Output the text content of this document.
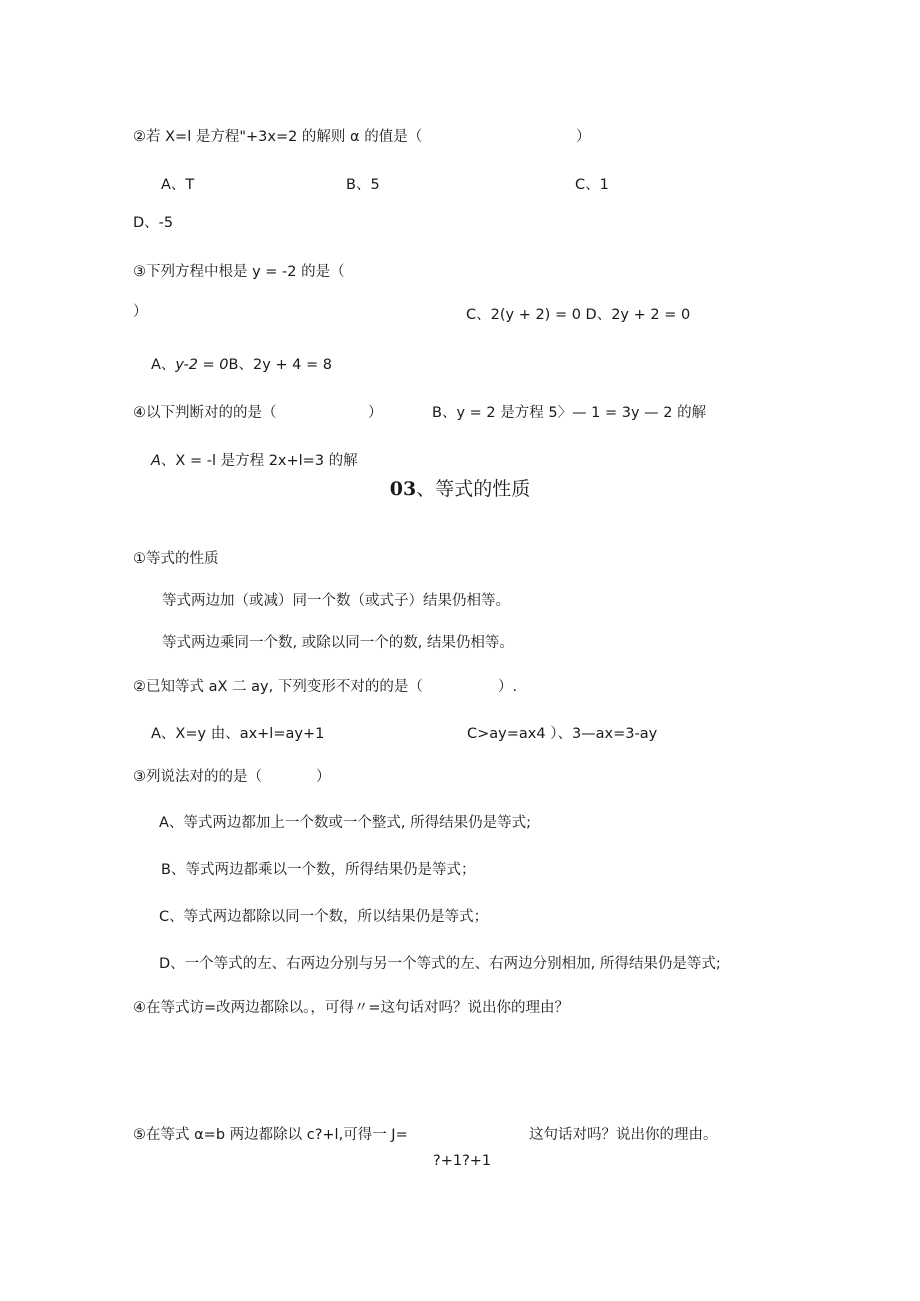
②若 X=l 是方程"+3x=2 的解则 α 的值是（	）
A、T	B、5	C、1
D、-5
③下列方程中根是 y = -2 的是（
）	C、2(y + 2) = 0 D、2y + 2 = 0
A、y-2 = 0B、2y + 4 = 8
④以下判断对的的是（	）	B、y = 2 是方程 5〉— 1 = 3y — 2 的解
A、X = -l 是方程 2x+l=3 的解
03、等式的性质
①等式的性质
等式两边加（或减）同一个数（或式子）结果仍相等。
等式两边乘同一个数, 或除以同一个的数, 结果仍相等。
②已知等式 aX 二 ay, 下列变形不对的的是（	）.
A、X=y 由、ax+l=ay+1	C>ay=ax4 ）、3—ax=3-ay
③列说法对的的是（	）
A、等式两边都加上一个数或一个整式, 所得结果仍是等式;
B、等式两边都乘以一个数，所得结果仍是等式；
C、等式两边都除以同一个数，所以结果仍是等式；
D、一个等式的左、右两边分别与另一个等式的左、右两边分别相加, 所得结果仍是等式;
④在等式访=改两边都除以。，可得〃=这句话对吗？说出你的理由？
⑤在等式 α=b 两边都除以 c?+l,可得一 J=	这句话对吗？说出你的理由。
?+1?+1
